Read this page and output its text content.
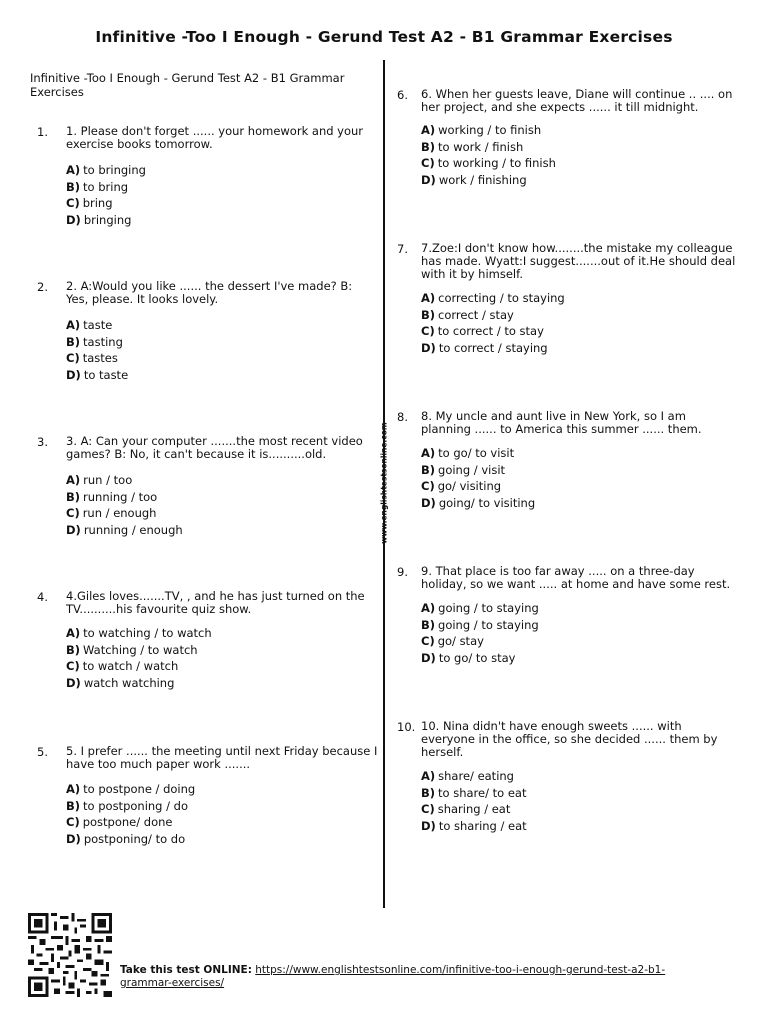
Infinitive -Too I Enough - Gerund Test A2 - B1 Grammar Exercises
Infinitive -Too I Enough - Gerund Test A2 - B1 Grammar Exercises
www.englishtestsonline.com
1. 1. Please don't forget ...... your homework and your exercise books tomorrow.
A) to bringing
B) to bring
C) bring
D) bringing
2. 2. A:Would you like ...... the dessert I've made? B: Yes, please. It looks lovely.
A) taste
B) tasting
C) tastes
D) to taste
3. 3. A: Can your computer .......the most recent video games? B: No, it can't because it is..........old.
A) run / too
B) running / too
C) run / enough
D) running / enough
4. 4.Giles loves.......TV, , and he has just turned on the TV..........his favourite quiz show.
A) to watching / to watch
B) Watching / to watch
C) to watch / watch
D) watch watching
5. 5. I prefer ...... the meeting until next Friday because I have too much paper work .......
A) to postpone / doing
B) to postponing / do
C) postpone/ done
D) postponing/ to do
6. 6. When her guests leave, Diane will continue .. .... on her project, and she expects ...... it till midnight.
A) working / to finish
B) to work / finish
C) to working / to finish
D) work / finishing
7. 7.Zoe:I don't know how........the mistake my colleague has made. Wyatt:I suggest.......out of it.He should deal with it by himself.
A) correcting / to staying
B) correct / stay
C) to correct / to stay
D) to correct / staying
8. 8. My uncle and aunt live in New York, so I am planning ...... to America this summer ...... them.
A) to go/ to visit
B) going / visit
C) go/ visiting
D) going/ to visiting
9. 9. That place is too far away ..... on a three-day holiday, so we want ..... at home and have some rest.
A) going / to staying
B) going / to staying
C) go/ stay
D) to go/ to stay
10. 10. Nina didn't have enough sweets ...... with everyone in the office, so she decided ...... them by herself.
A) share/ eating
B) to share/ to eat
C) sharing / eat
D) to sharing / eat
Take this test ONLINE: https://www.englishtestsonline.com/infinitive-too-i-enough-gerund-test-a2-b1-grammar-exercises/
